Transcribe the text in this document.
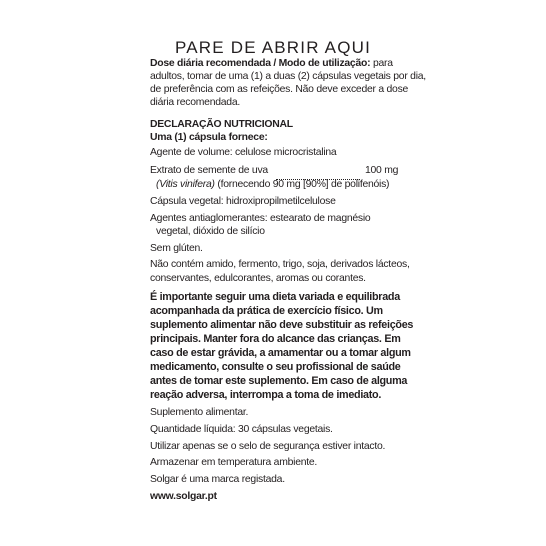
PARE DE ABRIR AQUI
Dose diária recomendada / Modo de utilização: para
adultos, tomar de uma (1) a duas (2) cápsulas vegetais por dia,
de preferência com as refeições. Não deve exceder a dose
diária recomendada.
DECLARAÇÃO NUTRICIONAL
Uma (1) cápsula fornece:
Agente de volume: celulose microcristalina
Extrato de semente de uva	100 mg
(Vitis vinifera) (fornecendo 90 mg [90%] de polifenóis)
Cápsula vegetal: hidroxipropilmetilcelulose
Agentes antiaglomerantes: estearato de magnésio
vegetal, dióxido de silício
Sem glúten.
Não contém amido, fermento, trigo, soja, derivados lácteos,
conservantes, edulcorantes, aromas ou corantes.
É importante seguir uma dieta variada e equilibrada
acompanhada da prática de exercício físico. Um
suplemento alimentar não deve substituir as refeições
principais. Manter fora do alcance das crianças. Em
caso de estar grávida, a amamentar ou a tomar algum
medicamento, consulte o seu profissional de saúde
antes de tomar este suplemento. Em caso de alguma
reação adversa, interrompa a toma de imediato.
Suplemento alimentar.
Quantidade líquida: 30 cápsulas vegetais.
Utilizar apenas se o selo de segurança estiver intacto.
Armazenar em temperatura ambiente.
Solgar é uma marca registada.
www.solgar.pt
